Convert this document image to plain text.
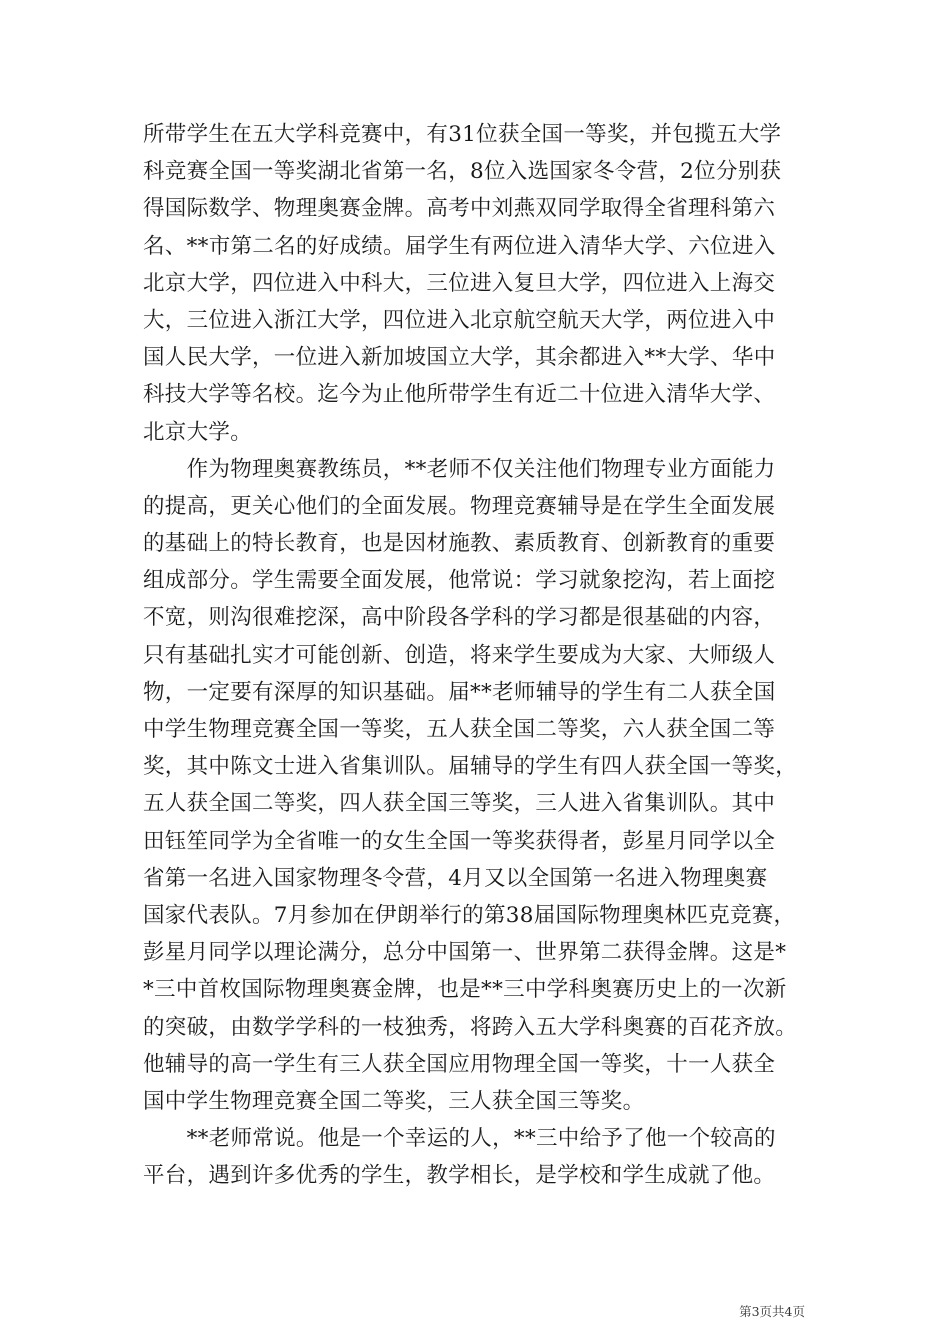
所带学生在五大学科竞赛中，有31位获全国一等奖，并包揽五大学
科竞赛全国一等奖湖北省第一名，8位入选国家冬令营，2位分别获
得国际数学、物理奥赛金牌。高考中刘燕双同学取得全省理科第六
名、**市第二名的好成绩。届学生有两位进入清华大学、六位进入
北京大学，四位进入中科大，三位进入复旦大学，四位进入上海交
大，三位进入浙江大学，四位进入北京航空航天大学，两位进入中
国人民大学，一位进入新加坡国立大学，其余都进入**大学、华中
科技大学等名校。迄今为止他所带学生有近二十位进入清华大学、
北京大学。
　　作为物理奥赛教练员，**老师不仅关注他们物理专业方面能力
的提高，更关心他们的全面发展。物理竞赛辅导是在学生全面发展
的基础上的特长教育，也是因材施教、素质教育、创新教育的重要
组成部分。学生需要全面发展，他常说：学习就象挖沟，若上面挖
不宽，则沟很难挖深，高中阶段各学科的学习都是很基础的内容，
只有基础扎实才可能创新、创造，将来学生要成为大家、大师级人
物，一定要有深厚的知识基础。届**老师辅导的学生有二人获全国
中学生物理竞赛全国一等奖，五人获全国二等奖，六人获全国二等
奖，其中陈文士进入省集训队。届辅导的学生有四人获全国一等奖，
五人获全国二等奖，四人获全国三等奖，三人进入省集训队。其中
田钰笙同学为全省唯一的女生全国一等奖获得者，彭星月同学以全
省第一名进入国家物理冬令营，4月又以全国第一名进入物理奥赛
国家代表队。7月参加在伊朗举行的第38届国际物理奥林匹克竞赛，
彭星月同学以理论满分，总分中国第一、世界第二获得金牌。这是*
*三中首枚国际物理奥赛金牌，也是**三中学科奥赛历史上的一次新
的突破，由数学学科的一枝独秀，将跨入五大学科奥赛的百花齐放。
他辅导的高一学生有三人获全国应用物理全国一等奖，十一人获全
国中学生物理竞赛全国二等奖，三人获全国三等奖。
　　**老师常说。他是一个幸运的人，**三中给予了他一个较高的
平台，遇到许多优秀的学生，教学相长，是学校和学生成就了他。
第3页共4页
